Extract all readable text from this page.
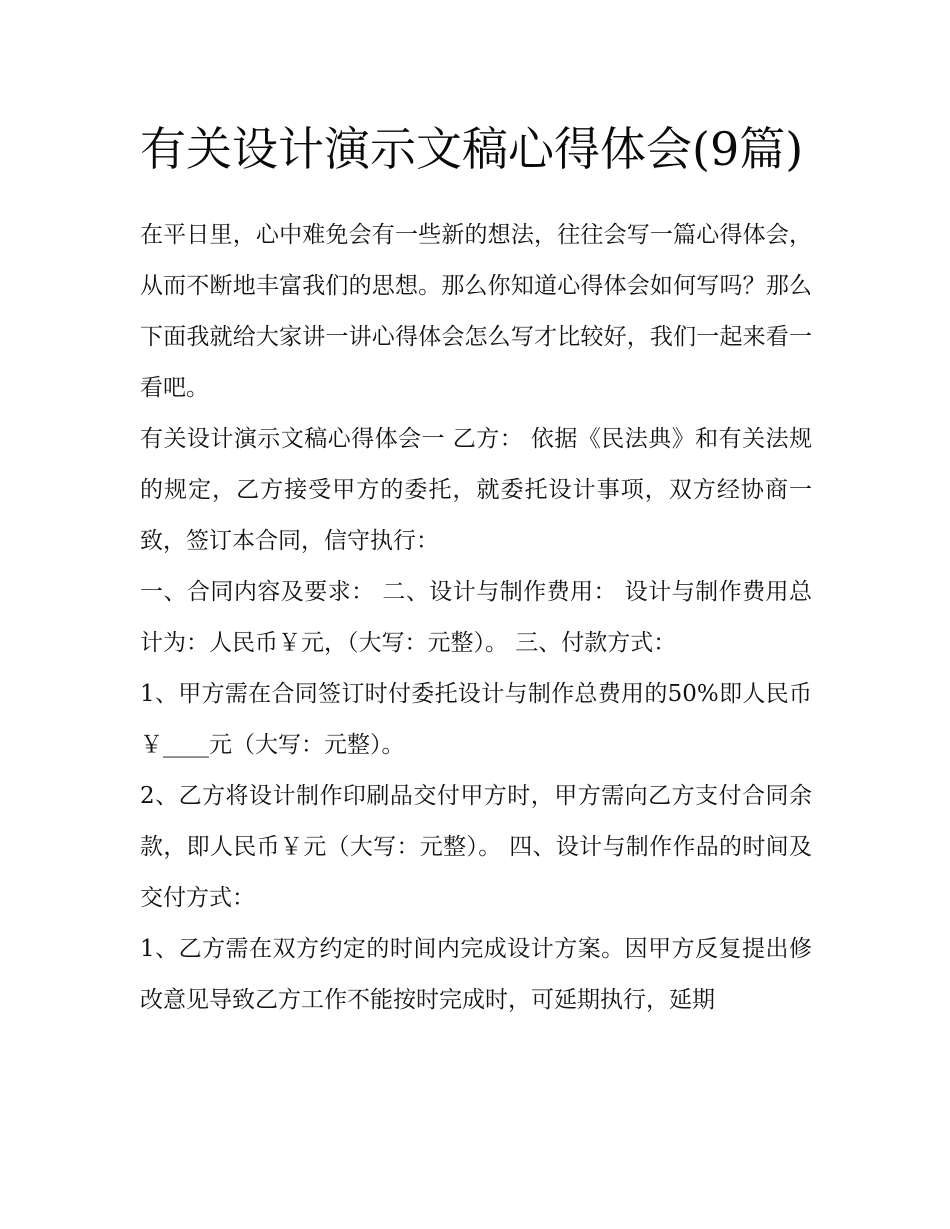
有关设计演示文稿心得体会(9篇)

在平日里，心中难免会有一些新的想法，往往会写一篇心得体会，从而不断地丰富我们的思想。那么你知道心得体会如何写吗？那么下面我就给大家讲一讲心得体会怎么写才比较好，我们一起来看一看吧。

有关设计演示文稿心得体会一 乙方： 依据《民法典》和有关法规的规定，乙方接受甲方的委托，就委托设计事项，双方经协商一致，签订本合同，信守执行：

一、合同内容及要求： 二、设计与制作费用： 设计与制作费用总计为：人民币￥元，（大写：元整）。 三、付款方式：

1、甲方需在合同签订时付委托设计与制作总费用的50%即人民币￥____元（大写：元整）。

2、乙方将设计制作印刷品交付甲方时，甲方需向乙方支付合同余款，即人民币￥元（大写：元整）。 四、设计与制作作品的时间及交付方式：

1、乙方需在双方约定的时间内完成设计方案。因甲方反复提出修改意见导致乙方工作不能按时完成时，可延期执行，延期
